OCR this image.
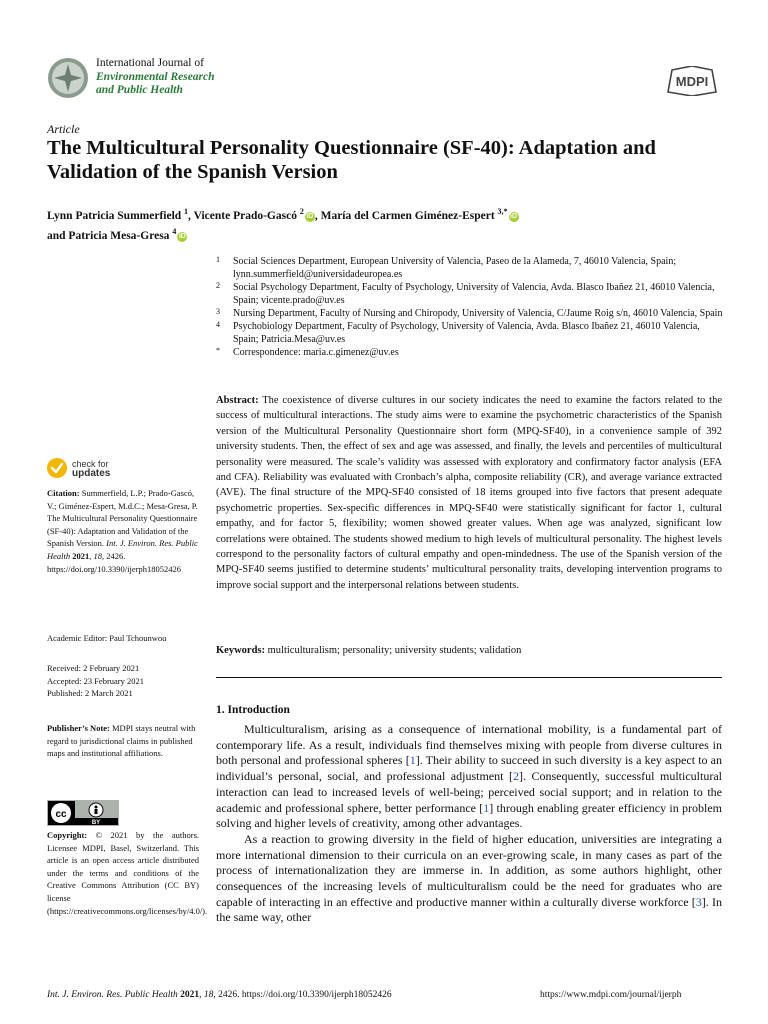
International Journal of
Environmental Research
and Public Health
MDPI
Article
The Multicultural Personality Questionnaire (SF-40): Adaptation and Validation of the Spanish Version
Lynn Patricia Summerfield $^1$, Vicente Prado-Gascó $^2$iD , María del Carmen Giménez-Espert $^{3,*}$iD
and Patricia Mesa-Gresa $^4$iD
1 Social Sciences Department, European University of Valencia, Paseo de la Alameda, 7, 46010 Valencia, Spain; lynn.summerfield@universidadeuropea.es
2 Social Psychology Department, Faculty of Psychology, University of Valencia, Avda. Blasco Ibañez 21, 46010 Valencia, Spain; vicente.prado@uv.es
3 Nursing Department, Faculty of Nursing and Chiropody, University of Valencia, C/Jaume Roig s/n, 46010 Valencia, Spain
4 Psychobiology Department, Faculty of Psychology, University of Valencia, Avda. Blasco Ibañez 21, 46010 Valencia, Spain; Patricia.Mesa@uv.es
* Correspondence: maria.c.gimenez@uv.es
Abstract: The coexistence of diverse cultures in our society indicates the need to examine the factors related to the success of multicultural interactions. The study aims were to examine the psychometric characteristics of the Spanish version of the Multicultural Personality Questionnaire short form (MPQ-SF40), in a convenience sample of 392 university students. Then, the effect of sex and age was assessed, and finally, the levels and percentiles of multicultural personality were measured. The scale’s validity was assessed with exploratory and confirmatory factor analysis (EFA and CFA). Reliability was evaluated with Cronbach’s alpha, composite reliability (CR), and average variance extracted (AVE). The final structure of the MPQ-SF40 consisted of 18 items grouped into five factors that present adequate psychometric properties. Sex-specific differences in MPQ-SF40 were statistically significant for factor 1, cultural empathy, and for factor 5, flexibility; women showed greater values. When age was analyzed, significant low correlations were obtained. The students showed medium to high levels of multicultural personality. The highest levels correspond to the personality factors of cultural empathy and open-mindedness. The use of the Spanish version of the MPQ-SF40 seems justified to determine students’ multicultural personality traits, developing intervention programs to improve social support and the interpersonal relations between students.
Keywords: multiculturalism; personality; university students; validation
check for
updates
Citation: Summerfield, L.P.; Prado-Gascó, V.; Giménez-Espert, M.d.C.; Mesa-Gresa, P. The Multicultural Personality Questionnaire (SF-40): Adaptation and Validation of the Spanish Version. Int. J. Environ. Res. Public Health 2021, 18, 2426. https://doi.org/10.3390/ijerph18052426
Academic Editor: Paul Tchounwou
Received: 2 February 2021
Accepted: 23 February 2021
Published: 2 March 2021
Publisher’s Note: MDPI stays neutral with regard to jurisdictional claims in published maps and institutional affiliations.
cc
BY
Copyright: © 2021 by the authors. Licensee MDPI, Basel, Switzerland. This article is an open access article distributed under the terms and conditions of the Creative Commons Attribution (CC BY) license (https://creativecommons.org/licenses/by/4.0/).
1. Introduction

Multiculturalism, arising as a consequence of international mobility, is a fundamental part of contemporary life. As a result, individuals find themselves mixing with people from diverse cultures in both personal and professional spheres [1]. Their ability to succeed in such diversity is a key aspect to an individual’s personal, social, and professional adjustment [2]. Consequently, successful multicultural interaction can lead to increased levels of well-being; perceived social support; and in relation to the academic and professional sphere, better performance [1] through enabling greater efficiency in problem solving and higher levels of creativity, among other advantages.

As a reaction to growing diversity in the field of higher education, universities are integrating a more international dimension to their curricula on an ever-growing scale, in many cases as part of the process of internationalization they are immerse in. In addition, as some authors highlight, other consequences of the increasing levels of multiculturalism could be the need for graduates who are capable of interacting in an effective and productive manner within a culturally diverse workforce [3]. In the same way, other

Int. J. Environ. Res. Public Health 2021, 18, 2426. https://doi.org/10.3390/ijerph18052426	https://www.mdpi.com/journal/ijerph
